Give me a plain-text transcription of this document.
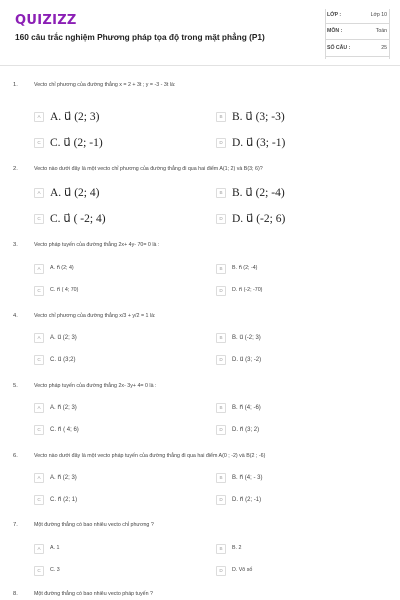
QUIZIZZ
160 câu trắc nghiệm Phương pháp tọa độ trong mặt phẳng (P1)
LỚP :	Lớp 10
MÔN :	Toán
SỐ CÂU :	25
1.	Vecto chỉ phương của đường thẳng x = 2 + 3t ; y = -3 - 3t là:
A A. u⃗ (2; 3)	B B. u⃗ (3; -3)
C C. u⃗ (2; -1)	D D. u⃗ (3; -1)
2.	Vecto nào dưới đây là một vecto chỉ phương của đường thẳng đi qua hai điểm A(1; 2) và B(3; 6)?
A A. u⃗ (2; 4)	B B. u⃗ (2; -4)
C C. u⃗ ( -2; 4)	D D. u⃗ (-2; 6)
3.	Vecto pháp tuyến của đường thẳng 2x+ 4y- 70= 0 là :
A	A. n⃗ (2; 4)	B	B. n⃗ (2; -4)
C	C. n⃗ ( 4; 70)	D	D. n⃗ (-2; -70)
4.	Vecto chỉ phương của đường thẳng x/3 + y/2 = 1 là:
A	A. u⃗ (2; 3)	B	B. u⃗ (-2; 3)
C	C. u⃗ (3;2)	D	D. u⃗ (3; -2)
5.	Vecto pháp tuyến của đường thẳng 2x- 3y+ 4= 0 là :
A	A. n⃗ (2; 3)	B	B. n⃗ (4; -6)
C	C. n⃗ ( 4; 6)	D	D. n⃗ (3; 2)
6.	Vecto nào dưới đây là một vecto pháp tuyến của đường thẳng đi qua hai điểm A(0 ; -2) và B(2 ; -6)
A	A. n⃗ (2; 3)	B	B. n⃗ (4; - 3)
C	C. n⃗ (2; 1)	D	D. n⃗ (2; -1)
7.	Một đường thẳng có bao nhiêu vecto chỉ phương ?
A	A. 1	B	B. 2
C	C. 3	D	D. Vô số
8.	Một đường thẳng có bao nhiêu vecto pháp tuyến ?
